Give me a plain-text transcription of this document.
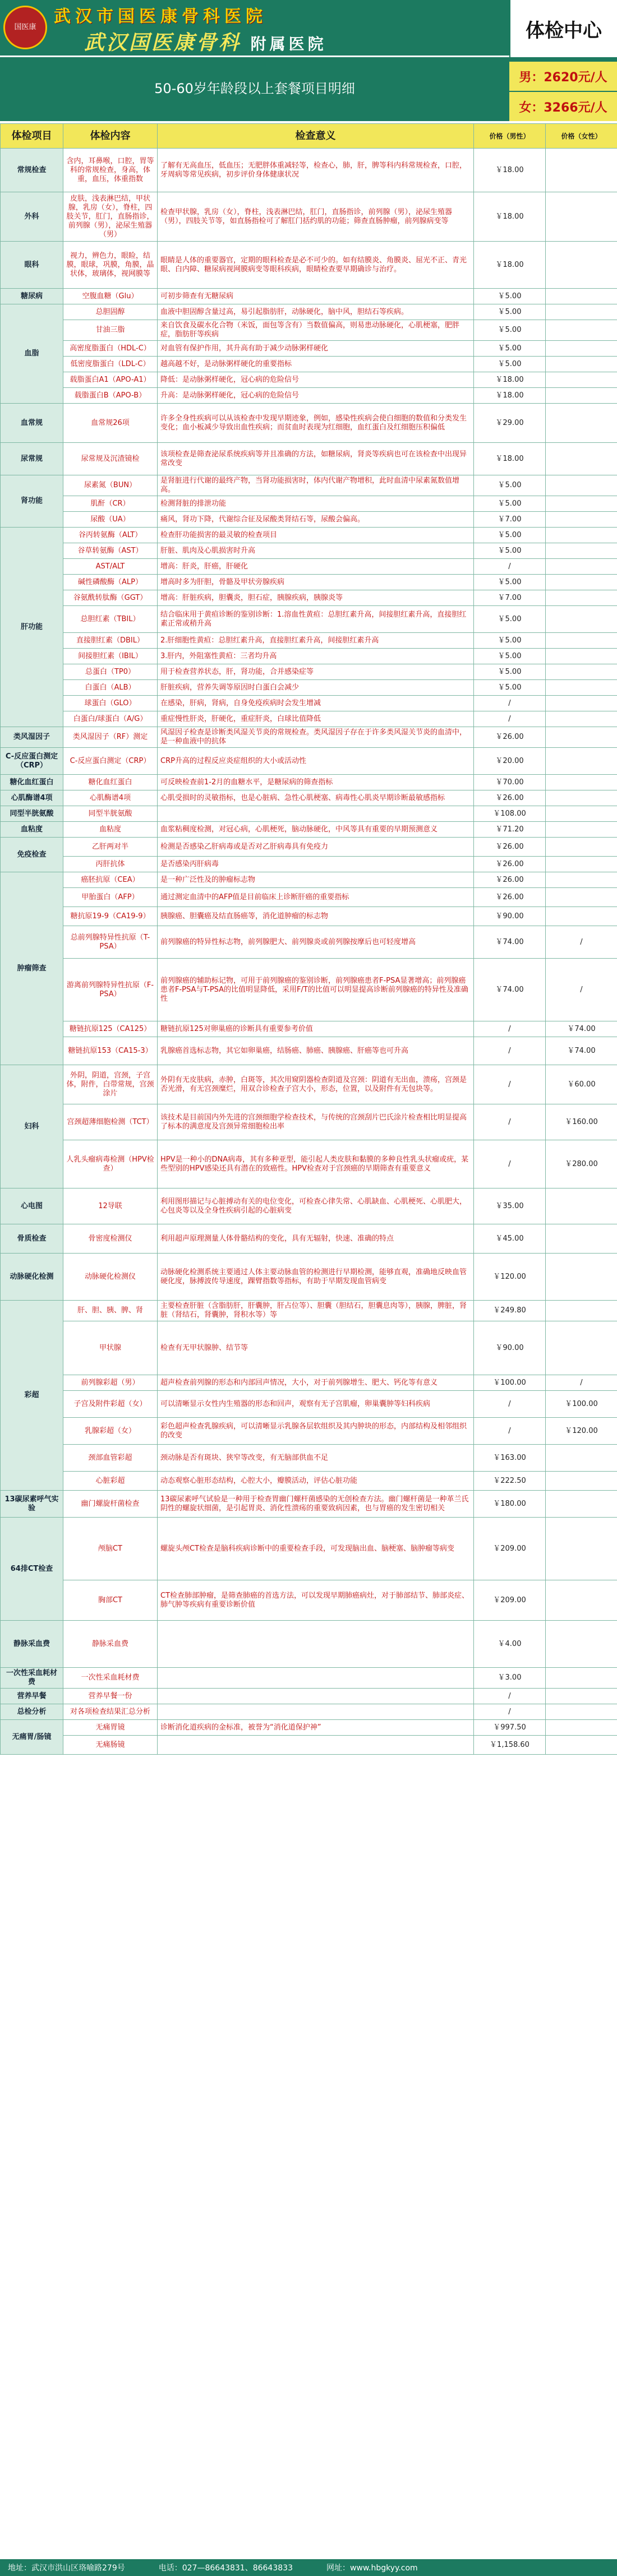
国医康
武汉市国医康骨科医院
武汉国医康骨科 附属医院
体检中心
50-60岁年龄段以上套餐项目明细
男：2620元/人
女：3266元/人
体检项目	体检内容	检查意义	价格（男性）	价格（女性）
常规检查	含内，耳鼻喉，口腔，胃等科的常规检查，身高，体重，血压，体重指数	了解有无高血压，低血压；无肥胖体重减轻等，检查心，肺，肝，脾等科内科常规检查，口腔，牙周病等常见疾病，初步评价身体健康状况	￥18.00	
外科	皮肤，浅表淋巴结，甲状腺，乳房（女），脊柱，四肢关节，肛门，直肠指诊，前列腺（男），泌尿生殖器（男）	检查甲状腺，乳房（女），脊柱，浅表淋巴结，肛门，直肠指诊，前列腺（男），泌尿生殖器（男），四肢关节等，如直肠指检可了解肛门括约肌的功能；筛查直肠肿瘤，前列腺病变等	￥18.00	
眼科	视力，辨色力，眼睑，结膜，眼球，巩膜，角膜，晶状体，玻璃体，视网膜等	眼睛是人体的重要器官，定期的眼科检查是必不可少的。如有结膜炎、角膜炎、屈光不正、青光眼、白内障、糖尿病视网膜病变等眼科疾病，眼睛检查要早期确诊与治疗。	￥18.00	
糖尿病	空腹血糖（Glu）	可初步筛查有无糖尿病	￥5.00	
血脂	总胆固醇	血液中胆固醇含量过高，易引起脂肪肝，动脉硬化，脑中风，胆结石等疾病。	￥5.00	
	甘油三脂	来自饮食及碳水化合物（米饭，面包等含有）当数值偏高，则易患动脉硬化，心肌梗塞，肥胖症，脂肪肝等疾病	￥5.00	
	高密度脂蛋白（HDL-C）	对血管有保护作用，其升高有助于减少动脉粥样硬化	￥5.00	
	低密度脂蛋白（LDL-C）	越高越不好，是动脉粥样硬化的重要指标	￥5.00	
	载脂蛋白A1（APO-A1）	降低：是动脉粥样硬化，冠心病的危险信号	￥18.00	
	载脂蛋白B（APO-B）	升高：是动脉粥样硬化，冠心病的危险信号	￥18.00	
血常规	血常规26项	许多全身性疾病可以从该检查中发现早期迹象，例如，感染性疾病会使白细胞的数值和分类发生变化；血小板减少导致出血性疾病；而贫血时表现为红细胞，血红蛋白及红细胞压积偏低	￥29.00	
尿常规	尿常规及沉渣镜检	该项检查是筛查泌尿系统疾病等并且准确的方法，如糖尿病，肾炎等疾病也可在该检查中出现异常改变	￥18.00	
肾功能	尿素氮（BUN）	是肾脏进行代谢的最终产物，当肾功能损害时，体内代谢产物增积，此时血清中尿素氮数值增高。	￥5.00	
	肌酐（CR）	检测肾脏的排泄功能	￥5.00	
	尿酸（UA）	痛风，肾功下降，代谢综合征及尿酸类肾结石等，尿酸会偏高。	￥7.00	
肝功能	谷丙转氨酶（ALT）	检查肝功能损害的最灵敏的检查项目	￥5.00	
	谷草转氨酶（AST）	肝脏、肌肉及心肌损害时升高	￥5.00	
	AST/ALT	增高：肝炎，肝癌，肝硬化	/	
	碱性磷酸酶（ALP）	增高时多为肝胆，骨骼及甲状旁腺疾病	￥5.00	
	谷氨酰转肽酶（GGT）	增高：肝脏疾病，胆囊炎，胆石症，胰腺疾病，胰腺炎等	￥7.00	
	总胆红素（TBIL）	结合临床用于黄疸诊断的鉴别诊断：1.溶血性黄疸：总胆红素升高，间接胆红素升高，直接胆红素正常或稍升高	￥5.00	
	直接胆红素（DBIL）	2.肝细胞性黄疸：总胆红素升高，直接胆红素升高，间接胆红素升高	￥5.00	
	间接胆红素（IBIL）	3.肝内，外阻塞性黄疸：三者均升高	￥5.00	
	总蛋白（TP0）	用于检查营养状态，肝，肾功能，合并感染症等	￥5.00	
	白蛋白（ALB）	肝脏疾病，营养失调等原因时白蛋白会减少	￥5.00	
	球蛋白（GLO）	在感染，肝病，肾病，自身免疫疾病时会发生增减	/	
	白蛋白/球蛋白（A/G）	重症慢性肝炎，肝硬化，重症肝炎，白球比值降低	/	
类风湿因子	类风湿因子（RF）测定	风湿因子检查是诊断类风湿关节炎的常规检查。类风湿因子存在于许多类风湿关节炎的血清中，是一种血液中的抗体	￥26.00	
C-反应蛋白测定（CRP）	C-反应蛋白测定（CRP）	CRP升高的过程反应炎症组织的大小或活动性	￥20.00	
糖化血红蛋白	糖化血红蛋白	可反映检查前1-2月的血糖水平，是糖尿病的筛查指标	￥70.00	
心肌酶谱4项	心肌酶谱4项	心肌受损时的灵敏指标，也是心脏病、急性心肌梗塞、病毒性心肌炎早期诊断最敏感指标	￥26.00	
同型半胱氨酸	同型半胱氨酸		￥108.00	
血粘度	血粘度	血浆粘稠度检测，对冠心病，心肌梗死，脑动脉硬化，中风等具有重要的早期预测意义	￥71.20	
免疫检查	乙肝两对半	检测是否感染乙肝病毒或是否对乙肝病毒具有免疫力	￥26.00	
	丙肝抗体	是否感染丙肝病毒	￥26.00	
肿瘤筛查	癌胚抗原（CEA）	是一种广泛性及的肿瘤标志物	￥26.00	
	甲胎蛋白（AFP）	通过测定血清中的AFP值是目前临床上诊断肝癌的重要指标	￥26.00	
	糖抗原19-9（CA19-9）	胰腺癌、胆囊癌及结直肠癌等，消化道肿瘤的标志物	￥90.00	
	总前列腺特异性抗原（T-PSA）	前列腺癌的特异性标志物，前列腺肥大、前列腺炎或前列腺按摩后也可轻度增高	￥74.00	/
	游离前列腺特异性抗原（F-PSA）	前列腺癌的辅助标记物，可用于前列腺癌的鉴别诊断，前列腺癌患者F-PSA显著增高；前列腺癌患者F-PSA与T-PSA的比值明显降低，采用F/T的比值可以明显提高诊断前列腺癌的特异性及准确性	￥74.00	/
	糖链抗原125（CA125）	糖链抗原125对卵巢癌的诊断具有重要参考价值	/	￥74.00
	糖链抗原153（CA15-3）	乳腺癌首选标志物，其它如卵巢癌，结肠癌、肺癌、胰腺癌、肝癌等也可升高	/	￥74.00
妇科	外阴，阴道，宫颈，子宫体，附件，白带常规，宫颈涂片	外阴有无皮肤病，赤肿，白斑等，其次用窥阴器检查阴道及宫颈：阴道有无出血，溃疡，宫颈是否光滑，有无宫颈糜烂，用双合诊检查子宫大小，形态，位置，以及附件有无包块等。	/	￥60.00
	宫颈超薄细胞检测（TCT）	该技术是目前国内外先进的宫颈细胞学检查技术，与传统的宫颈刮片巴氏涂片检查相比明显提高了标本的满意度及宫颈异常细胞检出率	/	￥160.00
	人乳头瘤病毒检测（HPV检查）	HPV是一种小的DNA病毒，其有多种亚型，能引起人类皮肤和黏膜的多种良性乳头状瘤或疣，某些型别的HPV感染还具有潜在的致癌性。HPV检查对于宫颈癌的早期筛查有重要意义	/	￥280.00
心电图	12导联	利用图形描记与心脏搏动有关的电位变化，可检查心律失常、心肌缺血、心肌梗死、心肌肥大，心包炎等以及全身性疾病引起的心脏病变	￥35.00	
骨质检查	骨密度检测仪	利用超声原理测量人体骨骼结构的变化，具有无辐射，快速、准确的特点	￥45.00	
动脉硬化检测	动脉硬化检测仪	动脉硬化检测系统主要通过人体主要动脉血管的检测进行早期检测，能够直观，准确地反映血管硬化度，脉搏波传导速度，踝臂指数等指标，有助于早期发现血管病变	￥120.00	
彩超	肝、胆、胰、脾、肾	主要检查肝脏（含脂肪肝，肝囊肿，肝占位等）、胆囊（胆结石，胆囊息肉等），胰腺，脾脏，肾脏（肾结石，肾囊肿，肾积水等）等	￥249.80	
	甲状腺	检查有无甲状腺肿、结节等	￥90.00	
	前列腺彩超（男）	超声检查前列腺的形态和内部回声情况，大小，对于前列腺增生、肥大、钙化等有意义	￥100.00	/
	子宫及附件彩超（女）	可以清晰显示女性内生殖器的形态和回声，观察有无子宫肌瘤，卵巢囊肿等妇科疾病	/	￥100.00
	乳腺彩超（女）	彩色超声检查乳腺疾病，可以清晰显示乳腺各层软组织及其内肿块的形态，内部结构及相邻组织的改变	/	￥120.00
	颈部血管彩超	颈动脉是否有斑块、狭窄等改变，有无脑部供血不足	￥163.00	
	心脏彩超	动态观察心脏形态结构，心腔大小，瓣膜活动，评估心脏功能	￥222.50	
13碳尿素呼气实验	幽门螺旋杆菌检查	13碳尿素呼气试验是一种用于检查胃幽门螺杆菌感染的无创检查方法。幽门螺杆菌是一种革兰氏阴性的螺旋状细菌，是引起胃炎、消化性溃疡的重要致病因素，也与胃癌的发生密切相关	￥180.00	
64排CT检查	颅脑CT	螺旋头颅CT检查是脑科疾病诊断中的重要检查手段，可发现脑出血、脑梗塞、脑肿瘤等病变	￥209.00	
	胸部CT	CT检查肺部肿瘤，是筛查肺癌的首选方法，可以发现早期肺癌病灶，对于肺部结节、肺部炎症、肺气肿等疾病有重要诊断价值	￥209.00	
静脉采血费	静脉采血费		￥4.00	
一次性采血耗材费	一次性采血耗材费		￥3.00	
营养早餐	营养早餐一份		/	
总检分析	对各项检查结果汇总分析		/	
无痛胃/肠镜	无痛胃镜	诊断消化道疾病的金标准，被誉为“消化道保护神”	￥997.50	
	无痛肠镜		￥1,158.60	
地址：武汉市洪山区珞喻路279号	电话：027—86643831、86643833	网址：www.hbgkyy.com
